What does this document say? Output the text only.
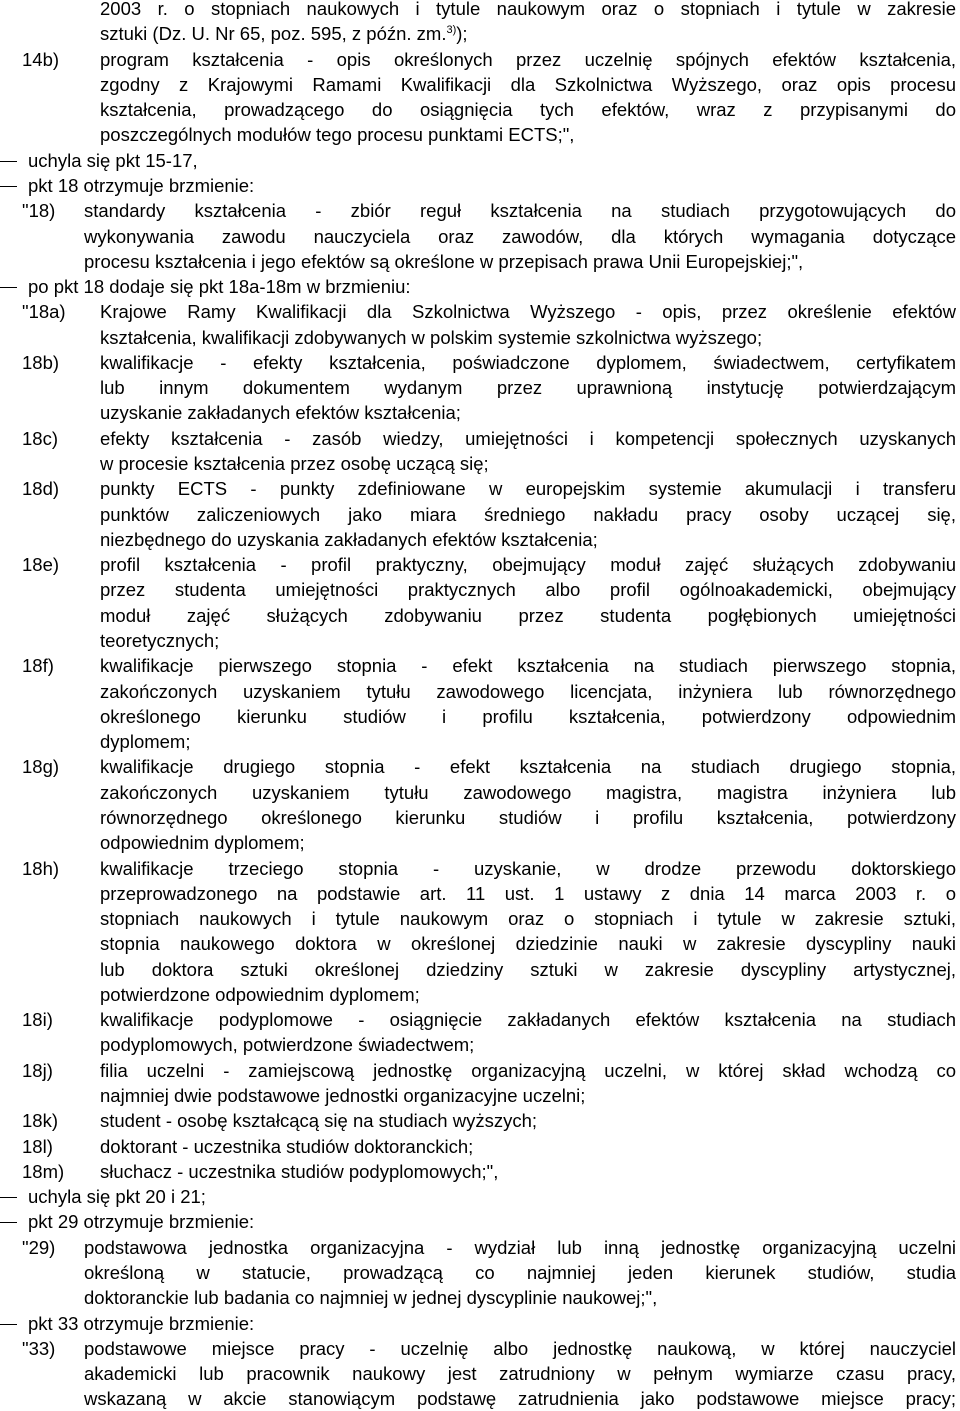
2003 r. o stopniach naukowych i tytule naukowym oraz o stopniach i tytule w zakresie
sztuki (Dz. U. Nr 65, poz. 595, z późn. zm.$^{3)}$);
14b) program kształcenia - opis określonych przez uczelnię spójnych efektów kształcenia,
zgodny z Krajowymi Ramami Kwalifikacji dla Szkolnictwa Wyższego, oraz opis procesu
kształcenia, prowadzącego do osiągnięcia tych efektów, wraz z przypisanymi do
poszczególnych modułów tego procesu punktami ECTS;",
uchyla się pkt 15-17,
pkt 18 otrzymuje brzmienie:
"18) standardy kształcenia - zbiór reguł kształcenia na studiach przygotowujących do
wykonywania zawodu nauczyciela oraz zawodów, dla których wymagania dotyczące
procesu kształcenia i jego efektów są określone w przepisach prawa Unii Europejskiej;",
po pkt 18 dodaje się pkt 18a-18m w brzmieniu:
"18a) Krajowe Ramy Kwalifikacji dla Szkolnictwa Wyższego - opis, przez określenie efektów
kształcenia, kwalifikacji zdobywanych w polskim systemie szkolnictwa wyższego;
18b) kwalifikacje - efekty kształcenia, poświadczone dyplomem, świadectwem, certyfikatem
lub innym dokumentem wydanym przez uprawnioną instytucję potwierdzającym
uzyskanie zakładanych efektów kształcenia;
18c) efekty kształcenia - zasób wiedzy, umiejętności i kompetencji społecznych uzyskanych
w procesie kształcenia przez osobę uczącą się;
18d) punkty ECTS - punkty zdefiniowane w europejskim systemie akumulacji i transferu
punktów zaliczeniowych jako miara średniego nakładu pracy osoby uczącej się,
niezbędnego do uzyskania zakładanych efektów kształcenia;
18e) profil kształcenia - profil praktyczny, obejmujący moduł zajęć służących zdobywaniu
przez studenta umiejętności praktycznych albo profil ogólnoakademicki, obejmujący
moduł zajęć służących zdobywaniu przez studenta pogłębionych umiejętności
teoretycznych;
18f) kwalifikacje pierwszego stopnia - efekt kształcenia na studiach pierwszego stopnia,
zakończonych uzyskaniem tytułu zawodowego licencjata, inżyniera lub równorzędnego
określonego kierunku studiów i profilu kształcenia, potwierdzony odpowiednim
dyplomem;
18g) kwalifikacje drugiego stopnia - efekt kształcenia na studiach drugiego stopnia,
zakończonych uzyskaniem tytułu zawodowego magistra, magistra inżyniera lub
równorzędnego określonego kierunku studiów i profilu kształcenia, potwierdzony
odpowiednim dyplomem;
18h) kwalifikacje trzeciego stopnia - uzyskanie, w drodze przewodu doktorskiego
przeprowadzonego na podstawie art. 11 ust. 1 ustawy z dnia 14 marca 2003 r. o
stopniach naukowych i tytule naukowym oraz o stopniach i tytule w zakresie sztuki,
stopnia naukowego doktora w określonej dziedzinie nauki w zakresie dyscypliny nauki
lub doktora sztuki określonej dziedziny sztuki w zakresie dyscypliny artystycznej,
potwierdzone odpowiednim dyplomem;
18i)	kwalifikacje podyplomowe - osiągnięcie zakładanych efektów kształcenia na studiach
podyplomowych, potwierdzone świadectwem;
18j)	filia uczelni - zamiejscową jednostkę organizacyjną uczelni, w której skład wchodzą co
najmniej dwie podstawowe jednostki organizacyjne uczelni;
18k) student - osobę kształcącą się na studiach wyższych;
18l)	doktorant - uczestnika studiów doktoranckich;
18m) słuchacz - uczestnika studiów podyplomowych;",
uchyla się pkt 20 i 21;
pkt 29 otrzymuje brzmienie:
"29) podstawowa jednostka organizacyjna - wydział lub inną jednostkę organizacyjną uczelni
określoną w statucie, prowadzącą co najmniej jeden kierunek studiów, studia
doktoranckie lub badania co najmniej w jednej dyscyplinie naukowej;",
pkt 33 otrzymuje brzmienie:
"33) podstawowe miejsce pracy - uczelnię albo jednostkę naukową, w której nauczyciel
akademicki lub pracownik naukowy jest zatrudniony w pełnym wymiarze czasu pracy,
wskazaną w akcie stanowiącym podstawę zatrudnienia jako podstawowe miejsce pracy;
